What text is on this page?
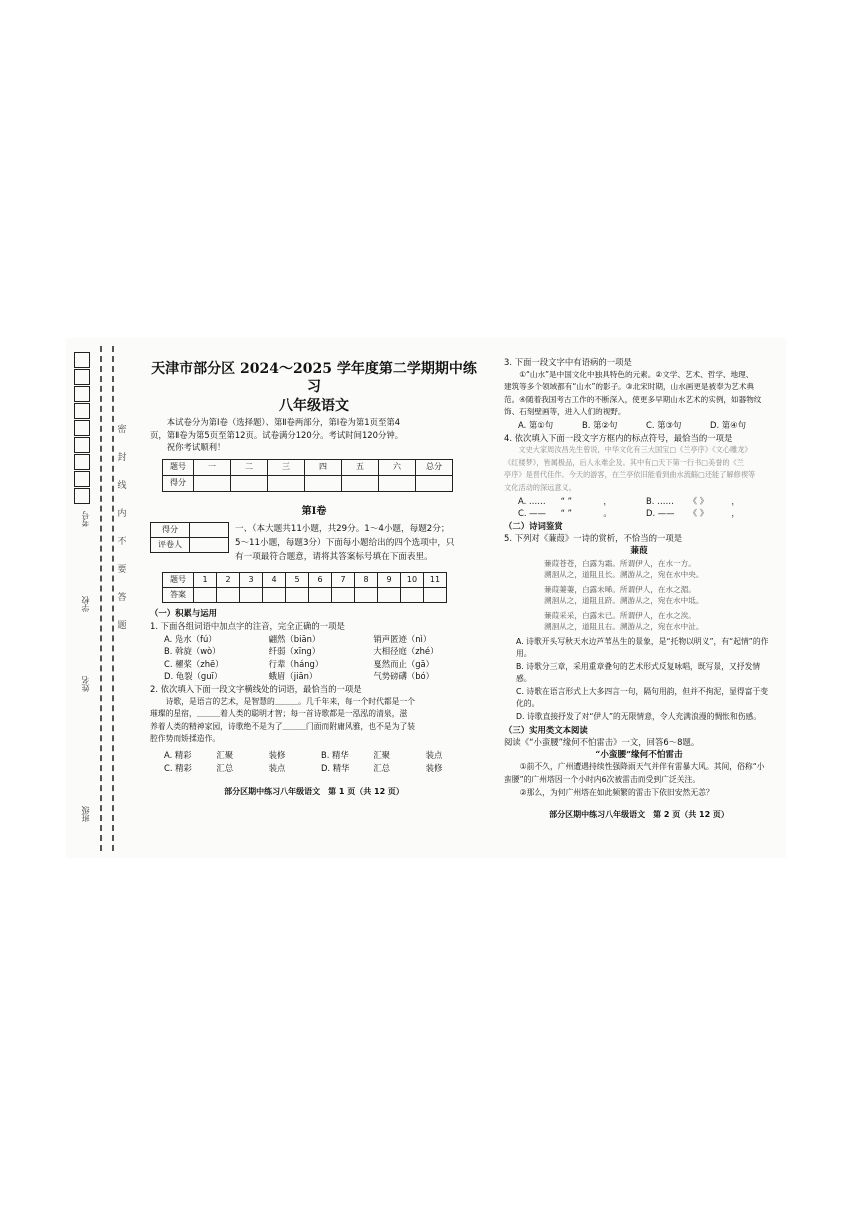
密
封
线
内
不
要
答
题
考号
学校
姓名
班级
天津市部分区 2024～2025 学年度第二学期期中练习
八年级语文

本试卷分为第Ⅰ卷（选择题）、第Ⅱ卷两部分，第Ⅰ卷为第1页至第4

页，第Ⅱ卷为第5页至第12页。试卷满分120分。考试时间120分钟。

祝你考试顺利！

题号	一	二	三	四	五	六	总分
得分							
第Ⅰ卷
得分	
评卷人	

一、（本大题共11小题，共29分。1～4小题，每题2分；

5～11小题，每题3分）下面每小题给出的四个选项中，只

有一项最符合题意，请将其答案标号填在下面表里。

题号	1	2	3	4	5	6	7	8	9	10	11
答案											

（一）积累与运用

1. 下面各组词语中加点字的注音，完全正确的一项是

A. 凫水（fú）	翩然（biān）	销声匿迹（nì）
B. 斡旋（wò）	纤弱（xīng）	大相径庭（zhé）
C. 櫂桨（zhē）	行辈（háng）	戛然而止（gā）
D. 龟裂（guī）	蛾眉（jiān）	气势磅礴（bó）

2. 依次填入下面一段文字横线处的词语，最恰当的一项是

诗歌，是语言的艺术，是智慧的＿＿＿。几千年来，每一个时代都是一个

璀璨的星宿，＿＿＿着人类的聪明才智；每一首诗歌都是一泓泓的清泉，滋

养着人类的精神家园，诗歌绝不是为了＿＿＿门面而附庸风雅，也不是为了装

腔作势而矫揉造作。

A. 精彩	汇聚	装修	B. 精华	汇聚	装点
C. 精彩	汇总	装点	D. 精华	汇总	装修

部分区期中练习八年级语文　第 1 页（共 12 页）

3. 下面一段文字中有语病的一项是

①“山水”是中国文化中独具特色的元素。②文学、艺术、哲学、地理、

建筑等多个领域都有“山水”的影子。③北宋时期，山水画更是被奉为艺术典

范。④随着我国考古工作的不断深入，使更多早期山水艺术的实例，如器物纹

饰、石刻壁画等，进入人们的视野。

A. 第①句	B. 第②句	C. 第③句	D. 第④句

4. 依次填入下面一段文字方框内的标点符号，最恰当的一项是

文史大家周汝昌先生曾说，中华文化有三大国宝□《兰亭序》《文心雕龙》

《红楼梦》，皆属极品，后人永难企及。其中有□天下第一行书□美誉的《兰

亭序》是晋代佳作。今天的游客，在兰亭依旧能看到曲水流觞□还能了解修禊等

文化活动的深远意义。

A. ……	“ ”	，	B. ……	《 》	，
C. ——	“ ”	。	D. ——	《 》	，

（二）诗词鉴赏

5. 下列对《蒹葭》一诗的赏析，不恰当的一项是

蒹葭

蒹葭苍苍，白露为霜。所谓伊人，在水一方。

溯洄从之，道阻且长。溯游从之，宛在水中央。

蒹葭萋萋，白露未晞。所谓伊人，在水之湄。

溯洄从之，道阻且跻。溯游从之，宛在水中坻。

蒹葭采采，白露未已。所谓伊人，在水之涘。

溯洄从之，道阻且右。溯游从之，宛在水中沚。

A. 诗歌开头写秋天水边芦苇丛生的景象，是“托物以明义”，有“起情”的作用。

B. 诗歌分三章，采用重章叠句的艺术形式反复咏唱，既写景，又抒发情感。

C. 诗歌在语言形式上大多四言一句，隔句用韵，但并不拘泥，显得富于变化的。

D. 诗歌直接抒发了对“伊人”的无限情意，令人充满浪漫的惆怅和伤感。

（三）实用类文本阅读

阅读《“小蛮腰”缘何不怕雷击》一文，回答6～8题。

“小蛮腰”缘何不怕雷击

①前不久，广州遭遇持续性强降雨天气并伴有雷暴大风。其间，俗称“小

蛮腰”的广州塔因一个小时内6次被雷击而受到广泛关注。

②那么，为何广州塔在如此频繁的雷击下依旧安然无恙？

部分区期中练习八年级语文　第 2 页（共 12 页）
